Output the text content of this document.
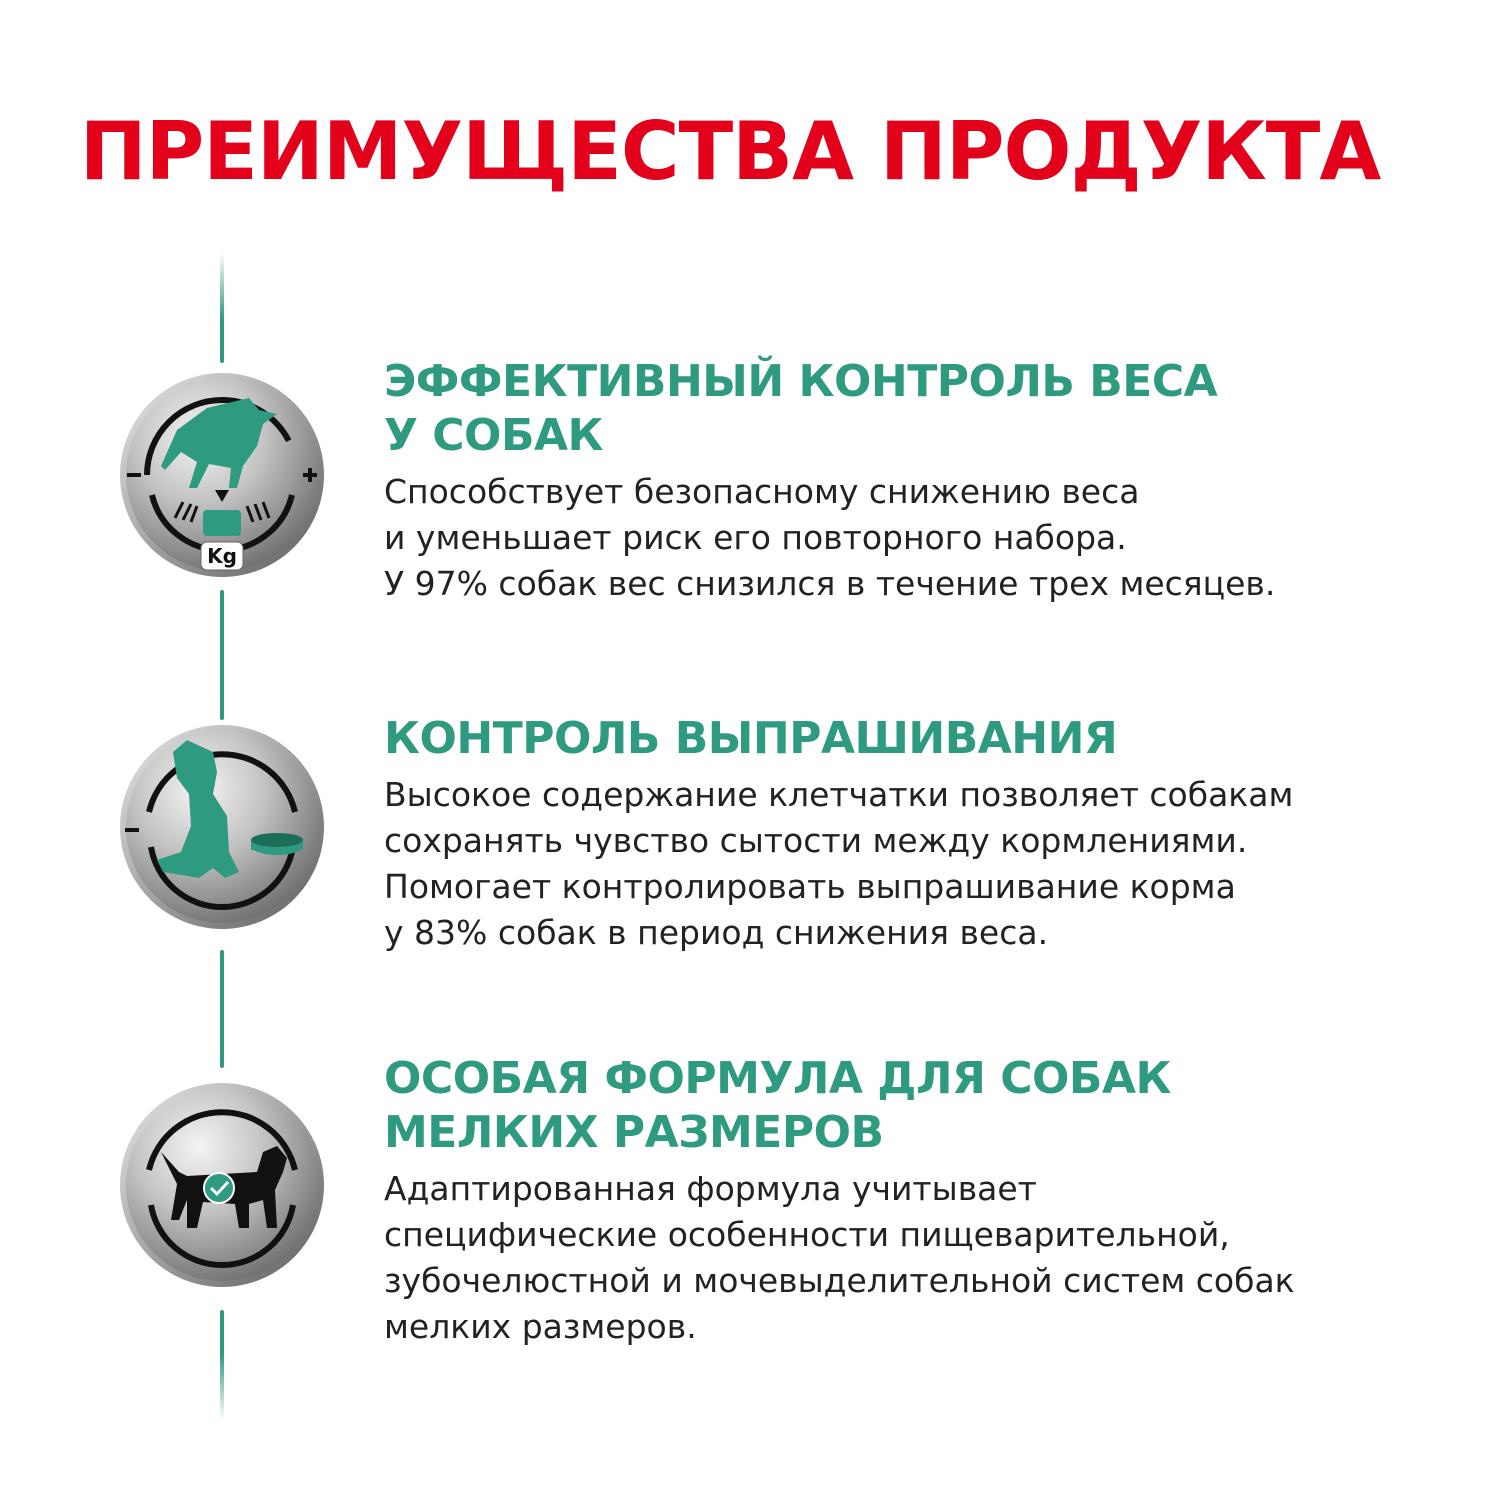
ПРЕИМУЩЕСТВА ПРОДУКТА
Kg
ЭФФЕКТИВНЫЙ КОНТРОЛЬ ВЕСА
У СОБАК

Способствует безопасному снижению веса
и уменьшает риск его повторного набора.
У 97% собак вес снизился в течение трех месяцев.

КОНТРОЛЬ ВЫПРАШИВАНИЯ

Высокое содержание клетчатки позволяет собакам
сохранять чувство сытости между кормлениями.
Помогает контролировать выпрашивание корма
у 83% собак в период снижения веса.

ОСОБАЯ ФОРМУЛА ДЛЯ СОБАК
МЕЛКИХ РАЗМЕРОВ

Адаптированная формула учитывает
специфические особенности пищеварительной,
зубочелюстной и мочевыделительной систем собак
мелких размеров.
